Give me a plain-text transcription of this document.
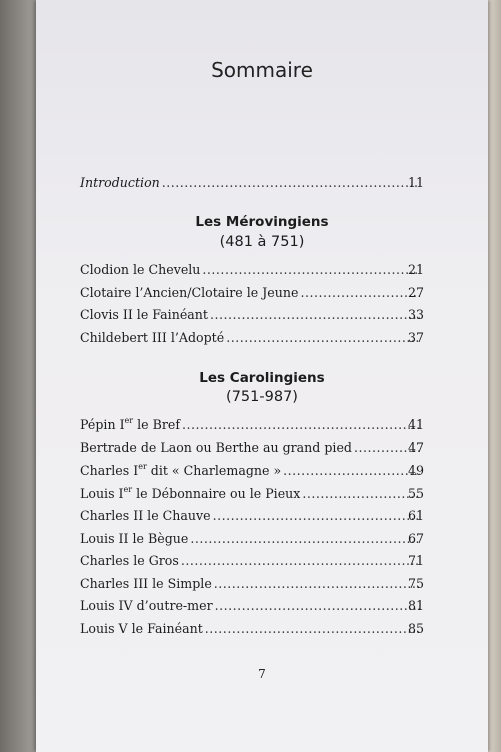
Sommaire
Introduction .....	11
Les Mérovingiens
(481 à 751)
Clodion le Chevelu .....	21
Clotaire l’Ancien/Clotaire le Jeune .....	27
Clovis II le Fainéant .....	33
Childebert III l’Adopté .....	37
Les Carolingiens
(751-987)
Pépin Ier le Bref .....	41
Bertrade de Laon ou Berthe au grand pied .....	47
Charles Ier dit « Charlemagne » .....	49
Louis Ier le Débonnaire ou le Pieux .....	55
Charles II le Chauve .....	61
Louis II le Bègue .....	67
Charles le Gros .....	71
Charles III le Simple .....	75
Louis IV d’outre-mer .....	81
Louis V le Fainéant .....	85
7
